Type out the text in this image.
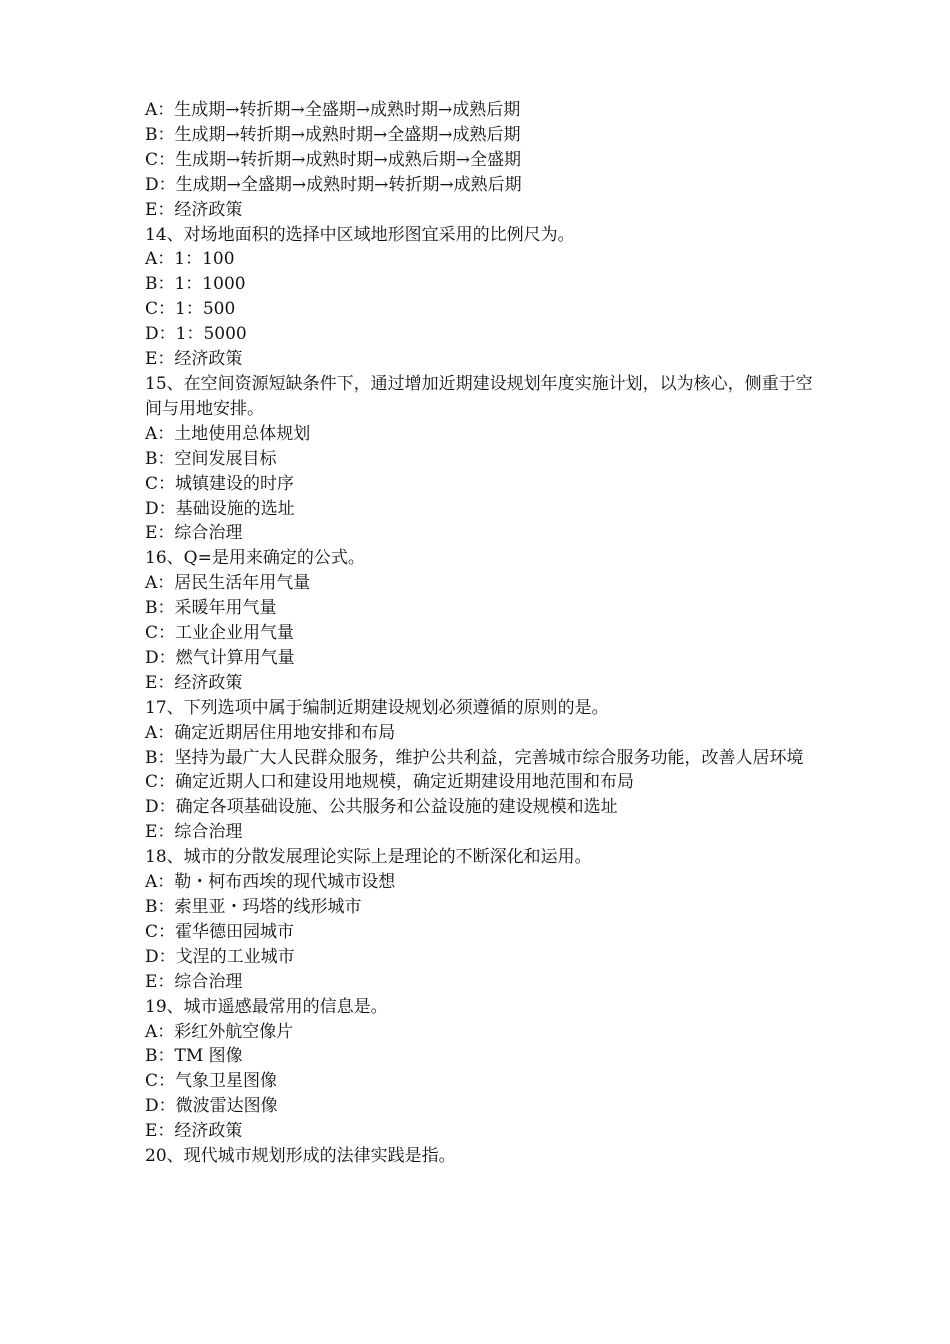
A：生成期→转折期→全盛期→成熟时期→成熟后期
B：生成期→转折期→成熟时期→全盛期→成熟后期
C：生成期→转折期→成熟时期→成熟后期→全盛期
D：生成期→全盛期→成熟时期→转折期→成熟后期
E：经济政策
14、对场地面积的选择中区域地形图宜采用的比例尺为。
A：1：100
B：1：1000
C：1：500
D：1：5000
E：经济政策
15、在空间资源短缺条件下，通过增加近期建设规划年度实施计划，以为核心，侧重于空间与用地安排。
A：土地使用总体规划
B：空间发展目标
C：城镇建设的时序
D：基础设施的选址
E：综合治理
16、Q=是用来确定的公式。
A：居民生活年用气量
B：采暖年用气量
C：工业企业用气量
D：燃气计算用气量
E：经济政策
17、下列选项中属于编制近期建设规划必须遵循的原则的是。
A：确定近期居住用地安排和布局
B：坚持为最广大人民群众服务，维护公共利益，完善城市综合服务功能，改善人居环境
C：确定近期人口和建设用地规模，确定近期建设用地范围和布局
D：确定各项基础设施、公共服务和公益设施的建设规模和选址
E：综合治理
18、城市的分散发展理论实际上是理论的不断深化和运用。
A：勒・柯布西埃的现代城市设想
B：索里亚・玛塔的线形城市
C：霍华德田园城市
D：戈涅的工业城市
E：综合治理
19、城市遥感最常用的信息是。
A：彩红外航空像片
B：TM 图像
C：气象卫星图像
D：微波雷达图像
E：经济政策
20、现代城市规划形成的法律实践是指。
